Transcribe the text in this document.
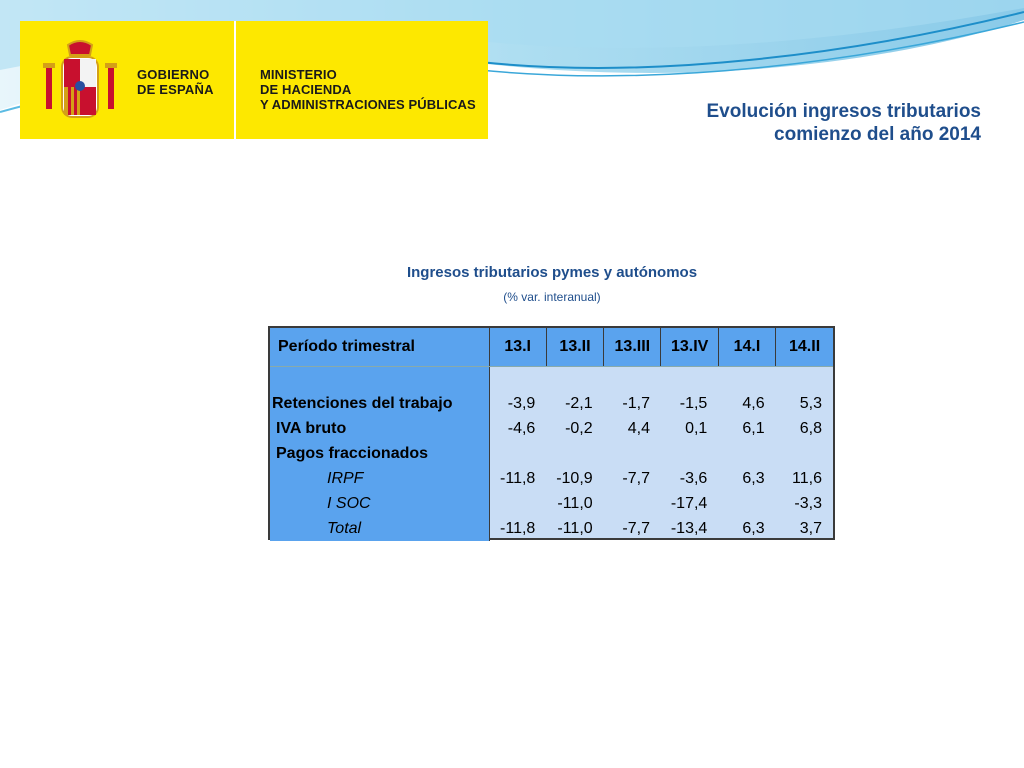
GOBIERNO
DE ESPAÑA
MINISTERIO
DE HACIENDA
Y ADMINISTRACIONES PÚBLICAS	Evolución ingresos tributarios
comienzo del año 2014
Ingresos tributarios pymes y autónomos
(% var. interanual)
Período trimestral	13.I	13.II	13.III	13.IV	14.I	14.II

Retenciones del trabajo	-3,9	-2,1	-1,7	-1,5	4,6	5,3
IVA bruto	-4,6	-0,2	4,4	0,1	6,1	6,8
Pagos fraccionados						
IRPF	-11,8	-10,9	-7,7	-3,6	6,3	11,6
I SOC		-11,0		-17,4		-3,3
Total	-11,8	-11,0	-7,7	-13,4	6,3	3,7
